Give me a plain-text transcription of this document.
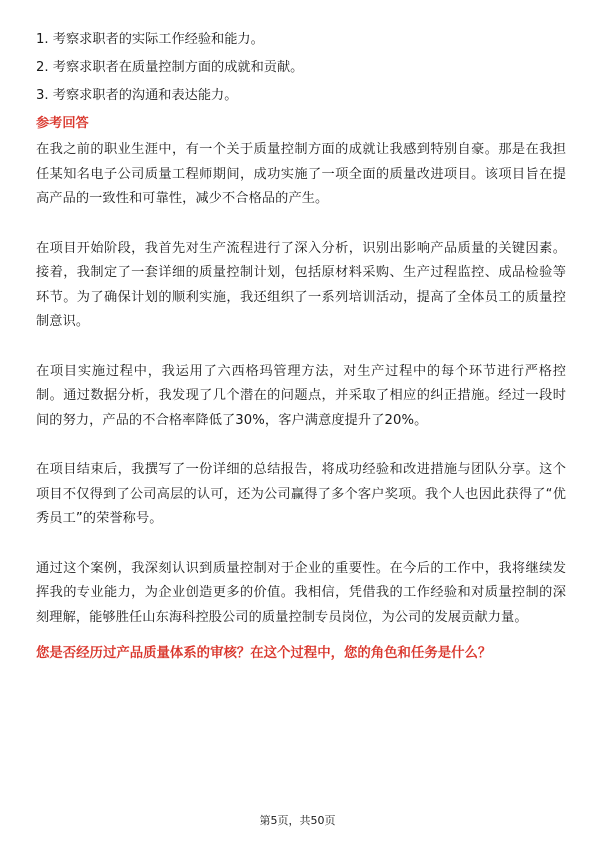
1. 考察求职者的实际工作经验和能力。
2. 考察求职者在质量控制方面的成就和贡献。
3. 考察求职者的沟通和表达能力。
参考回答

在我之前的职业生涯中，有一个关于质量控制方面的成就让我感到特别自豪。那是在我担任某知名电子公司质量工程师期间，成功实施了一项全面的质量改进项目。该项目旨在提高产品的一致性和可靠性，减少不合格品的产生。

在项目开始阶段，我首先对生产流程进行了深入分析，识别出影响产品质量的关键因素。接着，我制定了一套详细的质量控制计划，包括原材料采购、生产过程监控、成品检验等环节。为了确保计划的顺利实施，我还组织了一系列培训活动，提高了全体员工的质量控制意识。

在项目实施过程中，我运用了六西格玛管理方法，对生产过程中的每个环节进行严格控制。通过数据分析，我发现了几个潜在的问题点，并采取了相应的纠正措施。经过一段时间的努力，产品的不合格率降低了30%，客户满意度提升了20%。

在项目结束后，我撰写了一份详细的总结报告，将成功经验和改进措施与团队分享。这个项目不仅得到了公司高层的认可，还为公司赢得了多个客户奖项。我个人也因此获得了“优秀员工”的荣誉称号。

通过这个案例，我深刻认识到质量控制对于企业的重要性。在今后的工作中，我将继续发挥我的专业能力，为企业创造更多的价值。我相信，凭借我的工作经验和对质量控制的深刻理解，能够胜任山东海科控股公司的质量控制专员岗位，为公司的发展贡献力量。

您是否经历过产品质量体系的审核？在这个过程中，您的角色和任务是什么？
第5页，共50页
